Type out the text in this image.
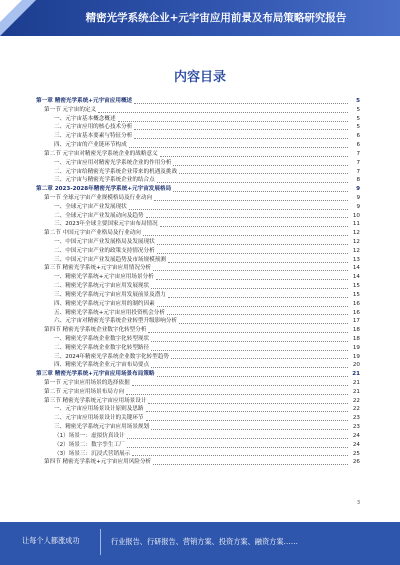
精密光学系统企业+元宇宙应用前景及布局策略研究报告
内容目录
第一章 精密光学系统+元宇宙应用概述	5
第一节 元宇宙的定义	5
一、元宇宙基本概念概述	5
二、元宇宙应用的核心技术分析	5
三、元宇宙基本要素与特征分析	6
四、元宇宙的产业链环节构成	6
第二节 元宇宙对精密光学系统企业的战略意义	7
一、元宇宙应用对精密光学系统企业的作用分析	7
二、元宇宙给精密光学系统企业带来的机遇及挑战	7
三、元宇宙与精密光学系统企业的结合点	8
第二章 2023-2028年精密光学系统+元宇宙发展格局	9
第一节 全球元宇宙产业规模格局及行业动向	9
一、全球元宇宙产业发展现状	9
二、全球元宇宙产业发展动向及趋势	10
三、2023年全球主要国家元宇宙布局情况	11
第二节 中国元宇宙产业格局及行业动向	12
一、中国元宇宙产业发展格局及发展现状	12
二、中国元宇宙产业的政策支持情况分析	12
三、中国元宇宙产业发展趋势及市场规模预测	13
第三节 精密光学系统+元宇宙应用情况分析	14
一、精密光学系统+元宇宙应用场景分析	14
二、精密光学系统元宇宙应用发展现状	15
三、精密光学系统元宇宙应用发展前景及潜力	15
四、精密光学系统元宇宙应用的制约因素	16
五、精密光学系统+元宇宙应用投资机会分析	16
六、元宇宙对精密光学系统企业转型升级影响分析	17
第四节 精密光学系统企业数字化转型分析	18
一、精密光学系统企业数字化转型现状	18
二、精密光学系统企业数字化转型路径	19
三、2024年精密光学系统企业数字化转型趋势	19
四、精密光学系统企业元宇宙布局要点	20
第三章 精密光学系统+元宇宙应用场景布局策略	21
第一节 元宇宙应用场景的选择依据	21
第二节 元宇宙应用场景布局方向	21
第三节 精密光学系统元宇宙应用场景设计	22
一、元宇宙应用场景设计原则及思路	22
二、元宇宙应用场景设计的关键环节	23
三、精密光学系统元宇宙应用场景规划	23
（1）场景一：虚拟仿真设计	24
（2）场景二：数字孪生工厂	24
（3）场景三：沉浸式营销展示	25
第四节 精密光学系统+元宇宙应用风险分析	26
3
让每个人都涨成功	行业报告、行研报告、营销方案、投资方案、融资方案……
